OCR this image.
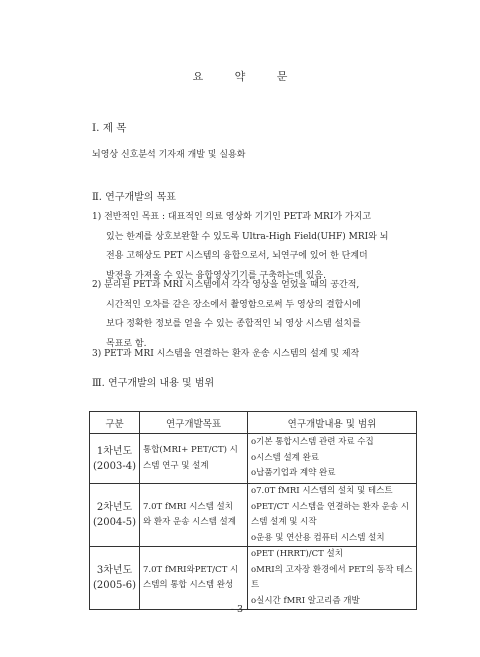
요 약 문
Ⅰ. 제 목
뇌영상 신호분석 기자재 개발 및 실용화
Ⅱ. 연구개발의 목표
1) 전반적인 목표 : 대표적인 의료 영상화 기기인 PET과 MRI가 가지고
있는 한계를 상호보완할 수 있도록 Ultra-High Field(UHF) MRI와 뇌
전용 고해상도 PET 시스템의 융합으로서, 뇌연구에 있어 한 단계더
발전을 가져올 수 있는 융합영상기기를 구축하는데 있음.
2) 분리된 PET과 MRI 시스템에서 각각 영상을 얻었을 때의 공간적,
시간적인 오차를 같은 장소에서 촬영함으로써 두 영상의 결합시에
보다 정확한 정보를 얻을 수 있는 종합적인 뇌 영상 시스템 설치를
목표로 함.
3) PET과 MRI 시스템을 연결하는 환자 운송 시스템의 설계 및 제작
Ⅲ. 연구개발의 내용 및 범위
구분	연구개발목표	연구개발내용 및 범위

1차년도
(2003-4)	통합(MRI+ PET/CT) 시
스템 연구 및 설계	o기본 통합시스템 관련 자료 수집
o시스템 설계 완료
o납품기업과 계약 완료

2차년도
(2004-5)	7.0T fMRI 시스템 설치
와 환자 운송 시스템 설계	o7.0T fMRI 시스템의 설치 및 테스트
oPET/CT 시스템을 연결하는 환자 운송 시
스템 설계 및 시작
o운용 및 연산용 컴퓨터 시스템 설치

3차년도
(2005-6)	7.0T fMRI와PET/CT 시
스템의 통합 시스템 완성	oPET (HRRT)/CT 설치
oMRI의 고자장 환경에서 PET의 동작 테스
트
o실시간 fMRI 알고리즘 개발
- 3 -
